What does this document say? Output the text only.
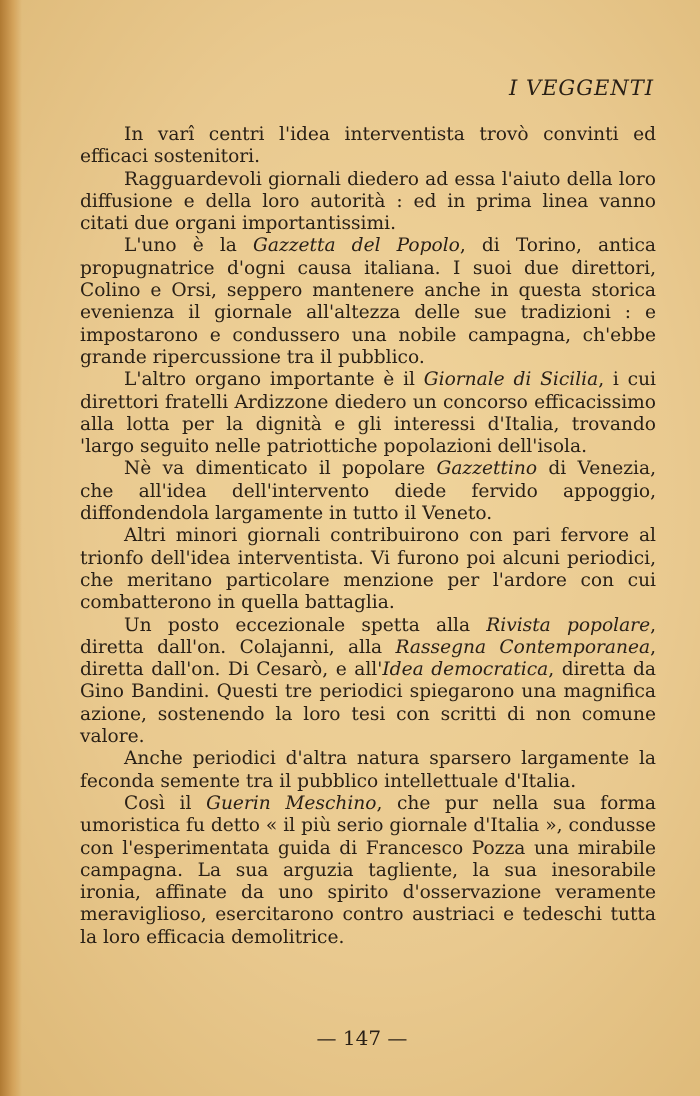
I VEGGENTI

In varî centri l'idea interventista trovò convinti ed efficaci sostenitori.

Ragguardevoli giornali diedero ad essa l'aiuto della loro diffusione e della loro autorità : ed in prima linea vanno citati due organi importantissimi.

L'uno è la Gazzetta del Popolo, di Torino, antica propugnatrice d'ogni causa italiana. I suoi due direttori, Colino e Orsi, seppero mantenere anche in questa storica evenienza il giornale all'altezza delle sue tradizioni : e impostarono e condussero una nobile campagna, ch'ebbe grande ripercussione tra il pubblico.

L'altro organo importante è il Giornale di Sicilia, i cui direttori fratelli Ardizzone diedero un concorso efficacissimo alla lotta per la dignità e gli interessi d'Italia, trovando 'largo seguito nelle patriottiche popolazioni dell'isola.

Nè va dimenticato il popolare Gazzettino di Venezia, che all'idea dell'intervento diede fervido appoggio, diffondendola largamente in tutto il Veneto.

Altri minori giornali contribuirono con pari fervore al trionfo dell'idea interventista. Vi furono poi alcuni periodici, che meritano particolare menzione per l'ardore con cui combatterono in quella battaglia.

Un posto eccezionale spetta alla Rivista popolare, diretta dall'on. Colajanni, alla Rassegna Contemporanea, diretta dall'on. Di Cesarò, e all'Idea democratica, diretta da Gino Bandini. Questi tre periodici spiegarono una magnifica azione, sostenendo la loro tesi con scritti di non comune valore.

Anche periodici d'altra natura sparsero largamente la feconda semente tra il pubblico intellettuale d'Italia.

Così il Guerin Meschino, che pur nella sua forma umoristica fu detto « il più serio giornale d'Italia », condusse con l'esperimentata guida di Francesco Pozza una mirabile campagna. La sua arguzia tagliente, la sua inesorabile ironia, affinate da uno spirito d'osservazione veramente meraviglioso, esercitarono contro austriaci e tedeschi tutta la loro efficacia demolitrice.

— 147 —
